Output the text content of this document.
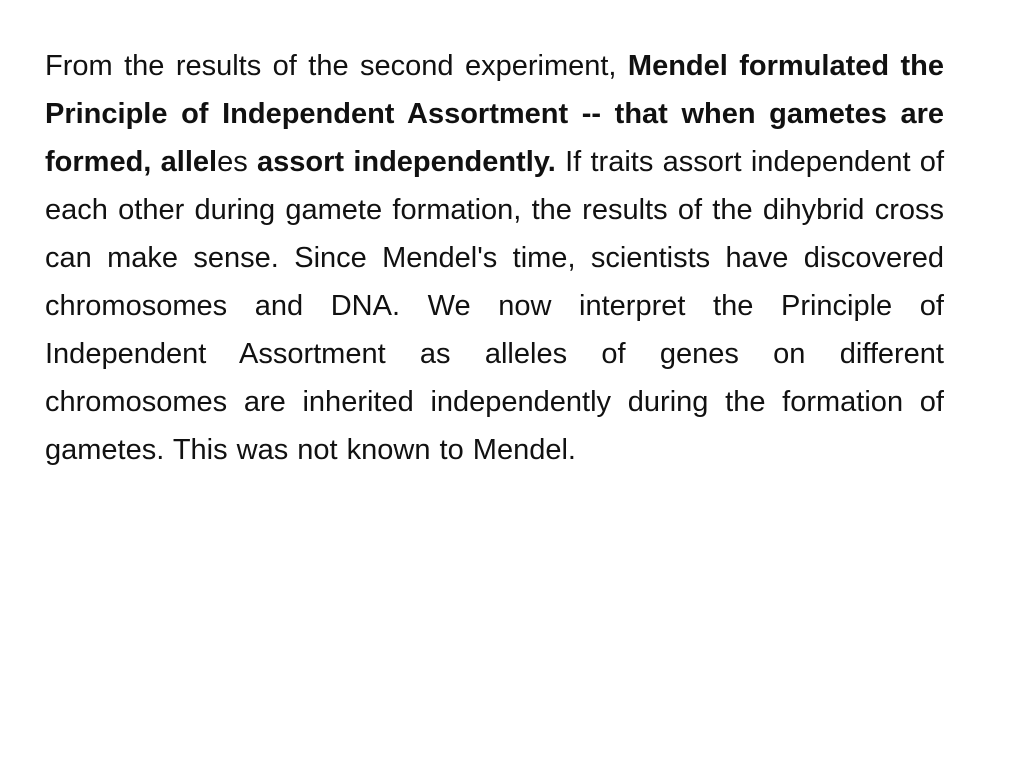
From the results of the second experiment, Mendel formulated the Principle of Independent Assortment -- that when gametes are formed, alleles assort independently. If traits assort independent of each other during gamete formation, the results of the dihybrid cross can make sense. Since Mendel's time, scientists have discovered chromosomes and DNA. We now interpret the Principle of Independent Assortment as alleles of genes on different chromosomes are inherited independently during the formation of gametes. This was not known to Mendel.
